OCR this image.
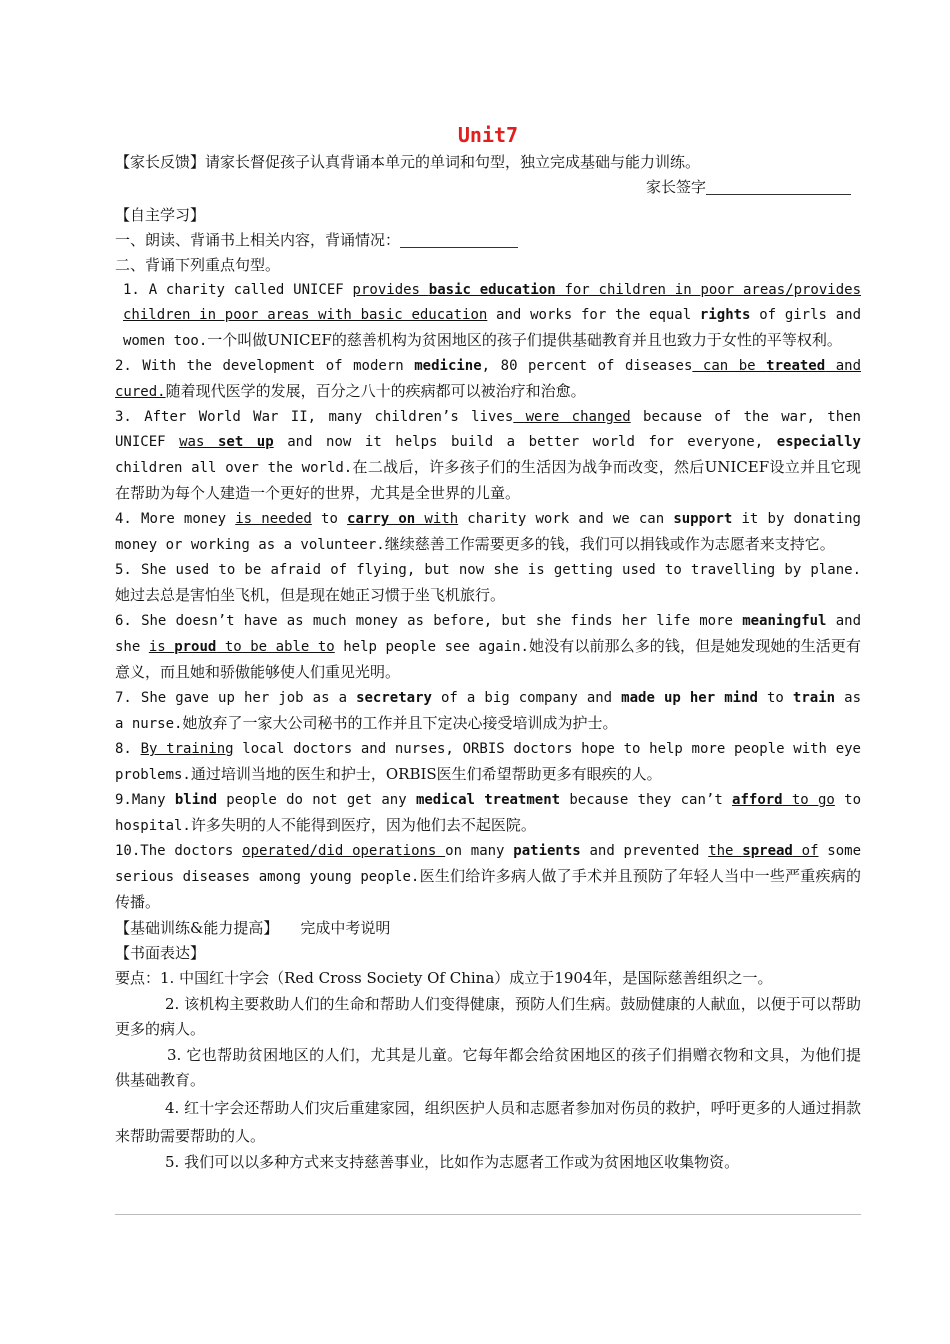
Unit7

【家长反馈】请家长督促孩子认真背诵本单元的单词和句型，独立完成基础与能力训练。

家长签字

【自主学习】

一、朗读、背诵书上相关内容，背诵情况：

二、背诵下列重点句型。

1. A charity called UNICEF provides basic education for children in poor areas/provides children in poor areas with basic education and works for the equal rights of girls and women too.一个叫做UNICEF的慈善机构为贫困地区的孩子们提供基础教育并且也致力于女性的平等权利。

2. With the development of modern medicine, 80 percent of diseases can be treated and cured.随着现代医学的发展，百分之八十的疾病都可以被治疗和治愈。

3. After World War II, many children’s lives were changed because of the war, then UNICEF was set up and now it helps build a better world for everyone, especially children all over the world.在二战后，许多孩子们的生活因为战争而改变，然后UNICEF设立并且它现在帮助为每个人建造一个更好的世界，尤其是全世界的儿童。

4. More money is needed to carry on with charity work and we can support it by donating money or working as a volunteer.继续慈善工作需要更多的钱，我们可以捐钱或作为志愿者来支持它。

5. She used to be afraid of flying, but now she is getting used to travelling by plane.她过去总是害怕坐飞机，但是现在她正习惯于坐飞机旅行。

6. She doesn’t have as much money as before, but she finds her life more meaningful and she is proud to be able to help people see again.她没有以前那么多的钱，但是她发现她的生活更有意义，而且她和骄傲能够使人们重见光明。

7. She gave up her job as a secretary of a big company and made up her mind to train as a nurse.她放弃了一家大公司秘书的工作并且下定决心接受培训成为护士。

8. By training local doctors and nurses, ORBIS doctors hope to help more people with eye problems.通过培训当地的医生和护士，ORBIS医生们希望帮助更多有眼疾的人。

9.Many blind people do not get any medical treatment because they can’t afford to go to hospital.许多失明的人不能得到医疗，因为他们去不起医院。

10.The doctors operated/did operations on many patients and prevented the spread of some serious diseases among young people.医生们给许多病人做了手术并且预防了年轻人当中一些严重疾病的传播。

【基础训练&能力提高】 完成中考说明

【书面表达】

要点：1. 中国红十字会（Red Cross Society Of China）成立于1904年，是国际慈善组织之一。

2. 该机构主要救助人们的生命和帮助人们变得健康，预防人们生病。鼓励健康的人献血，以便于可以帮助更多的病人。

3. 它也帮助贫困地区的人们，尤其是儿童。它每年都会给贫困地区的孩子们捐赠衣物和文具，为他们提供基础教育。

4. 红十字会还帮助人们灾后重建家园，组织医护人员和志愿者参加对伤员的救护，呼吁更多的人通过捐款来帮助需要帮助的人。

5. 我们可以以多种方式来支持慈善事业，比如作为志愿者工作或为贫困地区收集物资。
